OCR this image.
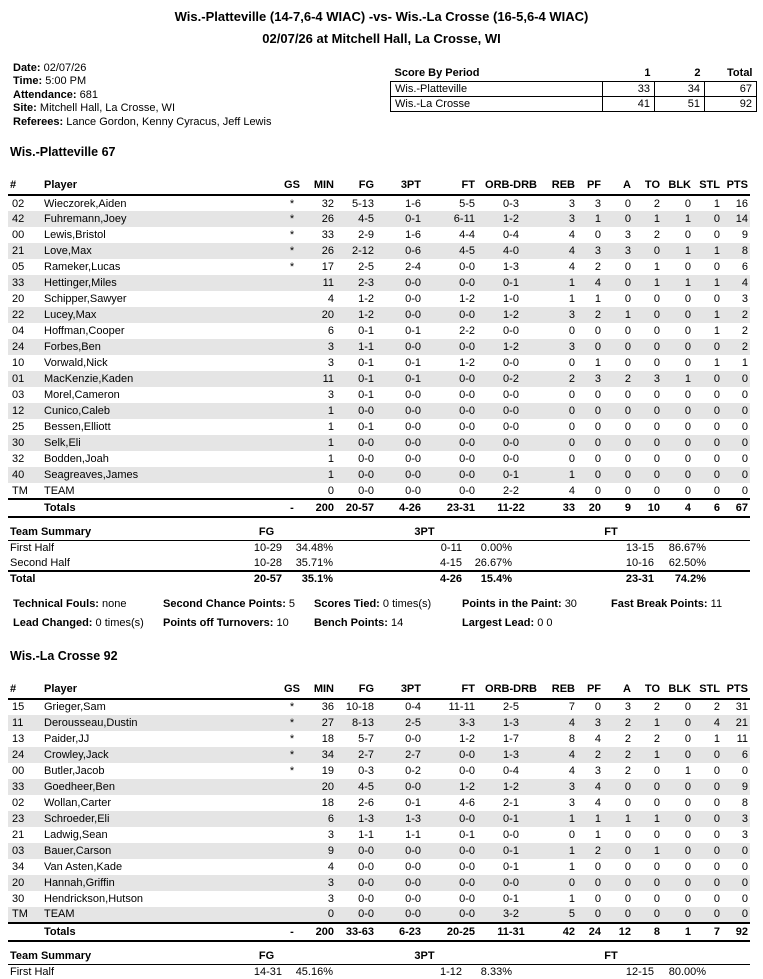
Wis.-Platteville (14-7,6-4 WIAC) -vs- Wis.-La Crosse (16-5,6-4 WIAC)
02/07/26 at Mitchell Hall, La Crosse, WI
Date: 02/07/26
Time: 5:00 PM
Attendance: 681
Site: Mitchell Hall, La Crosse, WI
Referees: Lance Gordon, Kenny Cyracus, Jeff Lewis
Score By Period	1	2	Total
Wis.-Platteville	33	34	67
Wis.-La Crosse	41	51	92
Wis.-Platteville 67
#	Player	GS	MIN	FG	3PT	FT	ORB-DRB	REB	PF	A	TO	BLK	STL	PTS
02	Wieczorek,Aiden	*	32	5-13	1-6	5-5	0-3	3	3	0	2	0	1	16
42	Fuhremann,Joey	*	26	4-5	0-1	6-11	1-2	3	1	0	1	1	0	14
00	Lewis,Bristol	*	33	2-9	1-6	4-4	0-4	4	0	3	2	0	0	9
21	Love,Max	*	26	2-12	0-6	4-5	4-0	4	3	3	0	1	1	8
05	Rameker,Lucas	*	17	2-5	2-4	0-0	1-3	4	2	0	1	0	0	6
33	Hettinger,Miles		11	2-3	0-0	0-0	0-1	1	4	0	1	1	1	4
20	Schipper,Sawyer		4	1-2	0-0	1-2	1-0	1	1	0	0	0	0	3
22	Lucey,Max		20	1-2	0-0	0-0	1-2	3	2	1	0	0	1	2
04	Hoffman,Cooper		6	0-1	0-1	2-2	0-0	0	0	0	0	0	1	2
24	Forbes,Ben		3	1-1	0-0	0-0	1-2	3	0	0	0	0	0	2
10	Vorwald,Nick		3	0-1	0-1	1-2	0-0	0	1	0	0	0	1	1
01	MacKenzie,Kaden		11	0-1	0-1	0-0	0-2	2	3	2	3	1	0	0
03	Morel,Cameron		3	0-1	0-0	0-0	0-0	0	0	0	0	0	0	0
12	Cunico,Caleb		1	0-0	0-0	0-0	0-0	0	0	0	0	0	0	0
25	Bessen,Elliott		1	0-1	0-0	0-0	0-0	0	0	0	0	0	0	0
30	Selk,Eli		1	0-0	0-0	0-0	0-0	0	0	0	0	0	0	0
32	Bodden,Joah		1	0-0	0-0	0-0	0-0	0	0	0	0	0	0	0
40	Seagreaves,James		1	0-0	0-0	0-0	0-1	1	0	0	0	0	0	0
TM	TEAM		0	0-0	0-0	0-0	2-2	4	0	0	0	0	0	0
	Totals	-	200	20-57	4-26	23-31	11-22	33	20	9	10	4	6	67
Team Summary	FG		3PT		FT		
First Half	10-29	34.48%	0-11	0.00%	13-15	86.67%	
Second Half	10-28	35.71%	4-15	26.67%	10-16	62.50%	
Total	20-57	35.1%	4-26	15.4%	23-31	74.2%	
Technical Fouls: none	Second Chance Points: 5	Scores Tied: 0 times(s)	Points in the Paint: 30	Fast Break Points: 11
Lead Changed: 0 times(s)	Points off Turnovers: 10	Bench Points: 14	Largest Lead: 0 0
Wis.-La Crosse 92
#	Player	GS	MIN	FG	3PT	FT	ORB-DRB	REB	PF	A	TO	BLK	STL	PTS
15	Grieger,Sam	*	36	10-18	0-4	11-11	2-5	7	0	3	2	0	2	31
11	Derousseau,Dustin	*	27	8-13	2-5	3-3	1-3	4	3	2	1	0	4	21
13	Paider,JJ	*	18	5-7	0-0	1-2	1-7	8	4	2	2	0	1	11
24	Crowley,Jack	*	34	2-7	2-7	0-0	1-3	4	2	2	1	0	0	6
00	Butler,Jacob	*	19	0-3	0-2	0-0	0-4	4	3	2	0	1	0	0
33	Goedheer,Ben		20	4-5	0-0	1-2	1-2	3	4	0	0	0	0	9
02	Wollan,Carter		18	2-6	0-1	4-6	2-1	3	4	0	0	0	0	8
23	Schroeder,Eli		6	1-3	1-3	0-0	0-1	1	1	1	1	0	0	3
21	Ladwig,Sean		3	1-1	1-1	0-1	0-0	0	1	0	0	0	0	3
03	Bauer,Carson		9	0-0	0-0	0-0	0-1	1	2	0	1	0	0	0
34	Van Asten,Kade		4	0-0	0-0	0-0	0-1	1	0	0	0	0	0	0
20	Hannah,Griffin		3	0-0	0-0	0-0	0-0	0	0	0	0	0	0	0
30	Hendrickson,Hutson		3	0-0	0-0	0-0	0-1	1	0	0	0	0	0	0
TM	TEAM		0	0-0	0-0	0-0	3-2	5	0	0	0	0	0	0
	Totals	-	200	33-63	6-23	20-25	11-31	42	24	12	8	1	7	92
Team Summary	FG		3PT		FT		
First Half	14-31	45.16%	1-12	8.33%	12-15	80.00%	
